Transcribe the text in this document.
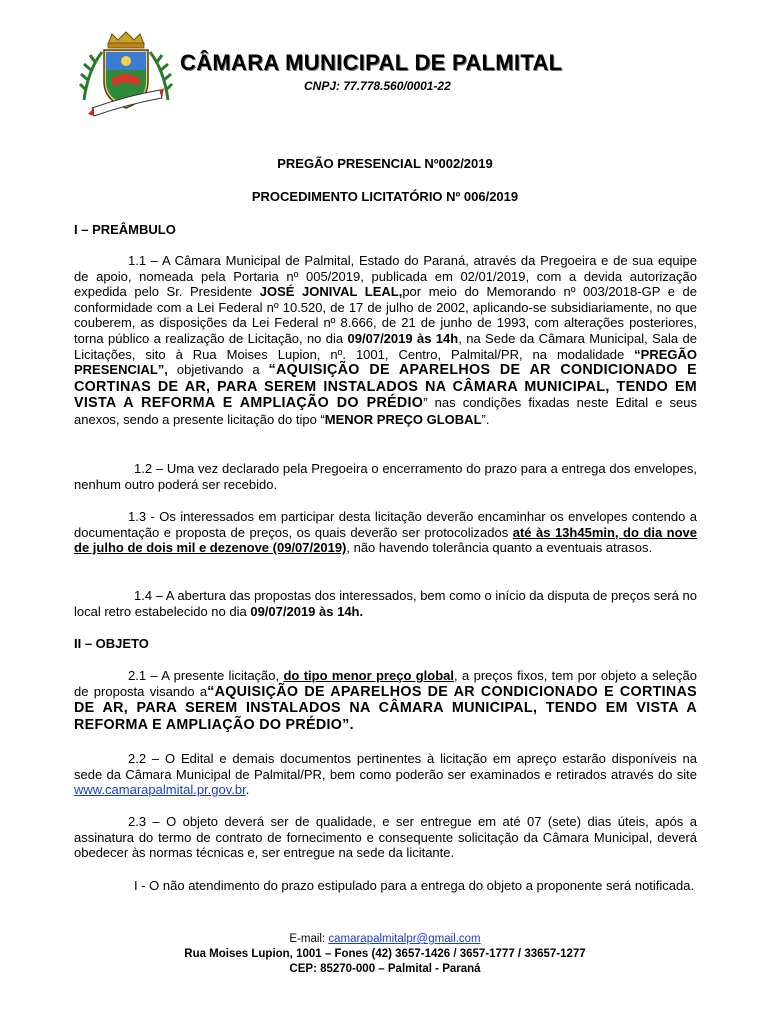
CÂMARA MUNICIPAL DE PALMITAL
CNPJ: 77.778.560/0001-22
PREGÃO PRESENCIAL Nº002/2019
PROCEDIMENTO LICITATÓRIO Nº 006/2019
I – PREÂMBULO
1.1 – A Câmara Municipal de Palmital, Estado do Paraná, através da Pregoeira e de sua equipe de apoio, nomeada pela Portaria nº 005/2019, publicada em 02/01/2019, com a devida autorização expedida pelo Sr. Presidente JOSÉ JONIVAL LEAL,por meio do Memorando nº 003/2018-GP e de conformidade com a Lei Federal nº 10.520, de 17 de julho de 2002, aplicando-se subsidiariamente, no que couberem, as disposições da Lei Federal nº 8.666, de 21 de junho de 1993, com alterações posteriores, torna público a realização de Licitação, no dia 09/07/2019 às 14h, na Sede da Câmara Municipal, Sala de Licitações, sito à Rua Moises Lupion, nº. 1001, Centro, Palmital/PR, na modalidade “PREGÃO PRESENCIAL”, objetivando a “AQUISIÇÃO DE APARELHOS DE AR CONDICIONADO E CORTINAS DE AR, PARA SEREM INSTALADOS NA CÂMARA MUNICIPAL, TENDO EM VISTA A REFORMA E AMPLIAÇÃO DO PRÉDIO” nas condições fixadas neste Edital e seus anexos, sendo a presente licitação do tipo “MENOR PREÇO GLOBAL”.
1.2 – Uma vez declarado pela Pregoeira o encerramento do prazo para a entrega dos envelopes, nenhum outro poderá ser recebido.
1.3 - Os interessados em participar desta licitação deverão encaminhar os envelopes contendo a documentação e proposta de preços, os quais deverão ser protocolizados até às 13h45min, do dia nove de julho de dois mil e dezenove (09/07/2019), não havendo tolerância quanto a eventuais atrasos.
1.4 – A abertura das propostas dos interessados, bem como o início da disputa de preços será no local retro estabelecido no dia 09/07/2019 às 14h.
II – OBJETO
2.1 – A presente licitação, do tipo menor preço global, a preços fixos, tem por objeto a seleção de proposta visando a“AQUISIÇÃO DE APARELHOS DE AR CONDICIONADO E CORTINAS DE AR, PARA SEREM INSTALADOS NA CÂMARA MUNICIPAL, TENDO EM VISTA A REFORMA E AMPLIAÇÃO DO PRÉDIO”.
2.2 – O Edital e demais documentos pertinentes à licitação em apreço estarão disponíveis na sede da Câmara Municipal de Palmital/PR, bem como poderão ser examinados e retirados através do site www.camarapalmital.pr.gov.br.
2.3 – O objeto deverá ser de qualidade, e ser entregue em até 07 (sete) dias úteis, após a assinatura do termo de contrato de fornecimento e consequente solicitação da Câmara Municipal, deverá obedecer às normas técnicas e, ser entregue na sede da licitante.
I - O não atendimento do prazo estipulado para a entrega do objeto a proponente será notificada.
E-mail: camarapalmitalpr@gmail.com
Rua Moises Lupion, 1001 – Fones (42) 3657-1426 / 3657-1777 / 33657-1277
CEP: 85270-000 – Palmital - Paraná
